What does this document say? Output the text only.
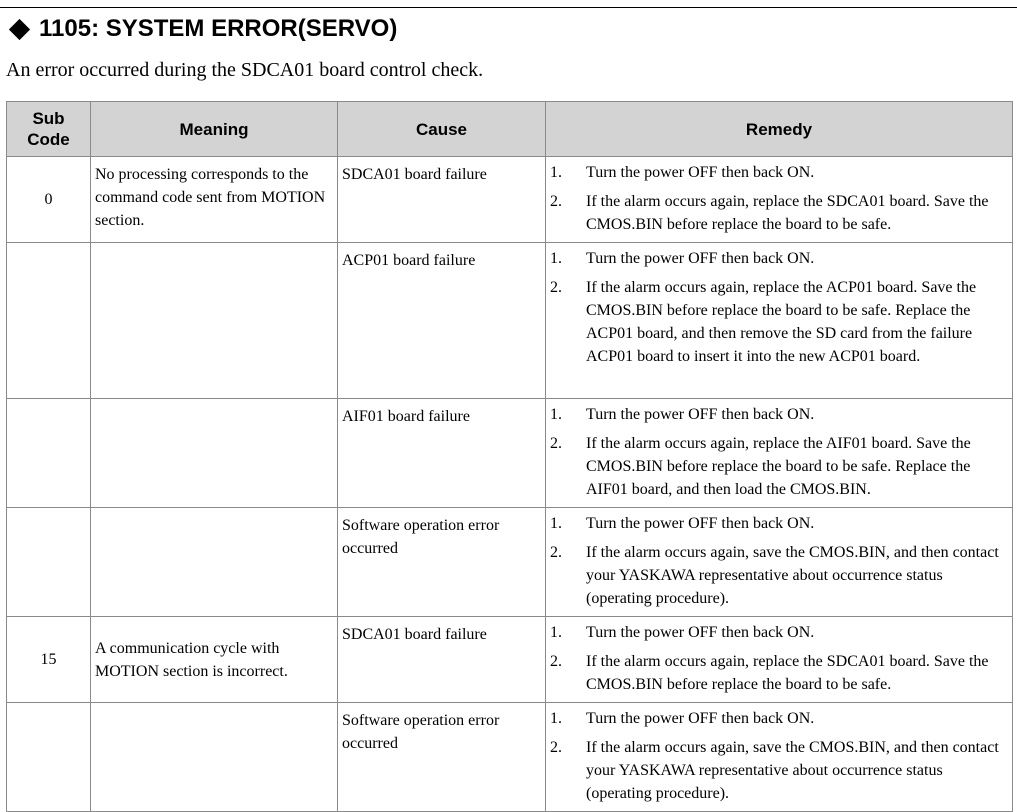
1105: SYSTEM ERROR(SERVO)
An error occurred during the SDCA01 board control check.
Sub Code	Meaning	Cause	Remedy
0	No processing corresponds to the command code sent from MOTION section.	SDCA01 board failure	1. Turn the power OFF then back ON.
2. If the alarm occurs again, replace the SDCA01 board. Save the CMOS.BIN before replace the board to be safe.

		ACP01 board failure	1. Turn the power OFF then back ON.
2. If the alarm occurs again, replace the ACP01 board. Save the CMOS.BIN before replace the board to be safe. Replace the ACP01 board, and then remove the SD card from the failure ACP01 board to insert it into the new ACP01 board.

		AIF01 board failure	1. Turn the power OFF then back ON.
2. If the alarm occurs again, replace the AIF01 board. Save the CMOS.BIN before replace the board to be safe. Replace the AIF01 board, and then load the CMOS.BIN.

		Software operation error occurred	1. Turn the power OFF then back ON.
2. If the alarm occurs again, save the CMOS.BIN, and then contact your YASKAWA representative about occurrence status (operating procedure).

15	A communication cycle with MOTION section is incorrect.	SDCA01 board failure	1. Turn the power OFF then back ON.
2. If the alarm occurs again, replace the SDCA01 board. Save the CMOS.BIN before replace the board to be safe.

		Software operation error occurred	1. Turn the power OFF then back ON.
2. If the alarm occurs again, save the CMOS.BIN, and then contact your YASKAWA representative about occurrence status (operating procedure).
